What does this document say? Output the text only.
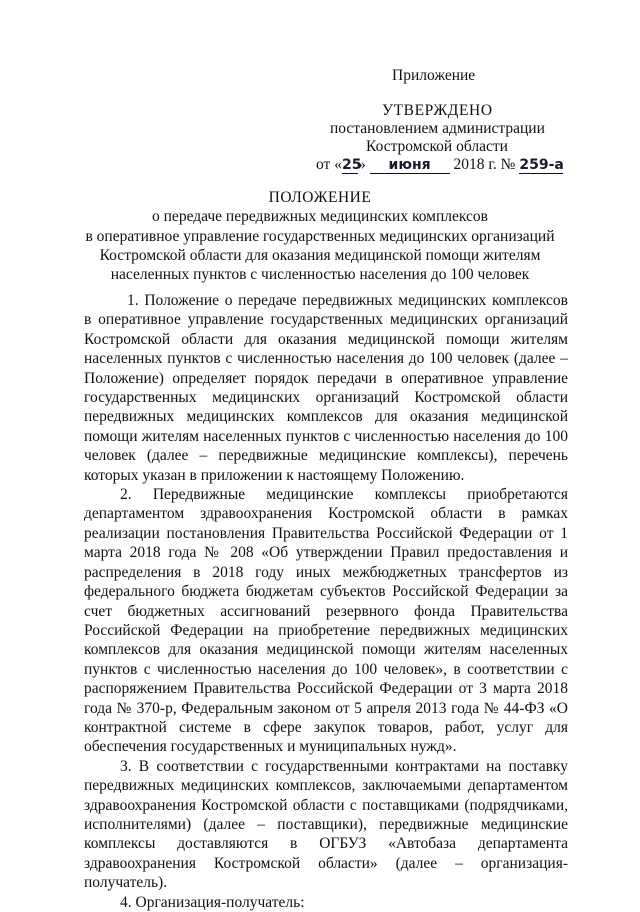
Приложение
УТВЕРЖДЕНО
постановлением администрации
Костромской области
от «25» июня 2018 г. № 259-а
ПОЛОЖЕНИЕ
о передаче передвижных медицинских комплексов
в оперативное управление государственных медицинских организаций
Костромской области для оказания медицинской помощи жителям
населенных пунктов с численностью населения до 100 человек

1. Положение о передаче передвижных медицинских комплексов в оперативное управление государственных медицинских организаций Костромской области для оказания медицинской помощи жителям населенных пунктов с численностью населения до 100 человек (далее – Положение) определяет порядок передачи в оперативное управление государственных медицинских организаций Костромской области передвижных медицинских комплексов для оказания медицинской помощи жителям населенных пунктов с численностью населения до 100 человек (далее – передвижные медицинские комплексы), перечень которых указан в приложении к настоящему Положению.

2. Передвижные медицинские комплексы приобретаются департаментом здравоохранения Костромской области в рамках реализации постановления Правительства Российской Федерации от 1 марта 2018 года № 208 «Об утверждении Правил предоставления и распределения в 2018 году иных межбюджетных трансфертов из федерального бюджета бюджетам субъектов Российской Федерации за счет бюджетных ассигнований резервного фонда Правительства Российской Федерации на приобретение передвижных медицинских комплексов для оказания медицинской помощи жителям населенных пунктов с численностью населения до 100 человек», в соответствии с распоряжением Правительства Российской Федерации от 3 марта 2018 года № 370-р, Федеральным законом от 5 апреля 2013 года № 44-ФЗ «О контрактной системе в сфере закупок товаров, работ, услуг для обеспечения государственных и муниципальных нужд».

3. В соответствии с государственными контрактами на поставку передвижных медицинских комплексов, заключаемыми департаментом здравоохранения Костромской области с поставщиками (подрядчиками, исполнителями) (далее – поставщики), передвижные медицинские комплексы доставляются в ОГБУЗ «Автобаза департамента здравоохранения Костромской области» (далее – организация-получатель).

4. Организация-получатель:
